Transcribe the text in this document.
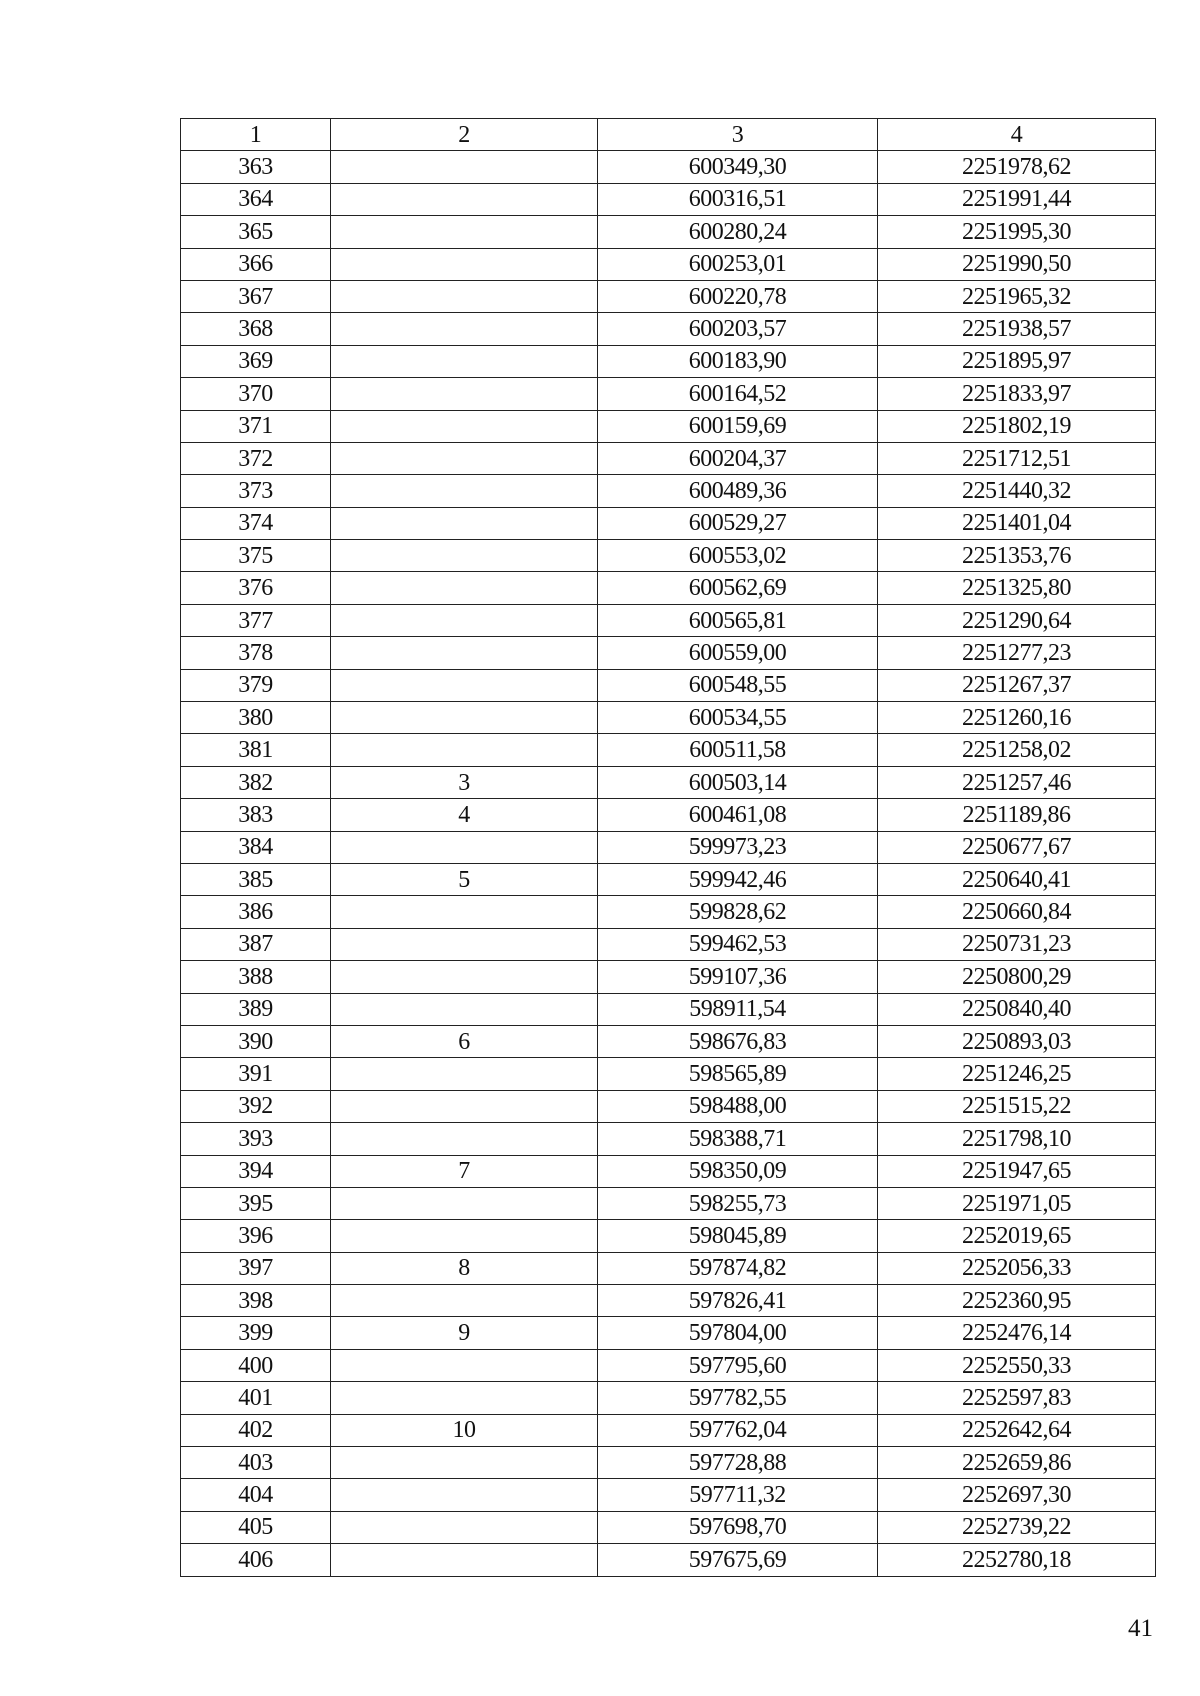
1	2	3	4
363		600349,30	2251978,62
364		600316,51	2251991,44
365		600280,24	2251995,30
366		600253,01	2251990,50
367		600220,78	2251965,32
368		600203,57	2251938,57
369		600183,90	2251895,97
370		600164,52	2251833,97
371		600159,69	2251802,19
372		600204,37	2251712,51
373		600489,36	2251440,32
374		600529,27	2251401,04
375		600553,02	2251353,76
376		600562,69	2251325,80
377		600565,81	2251290,64
378		600559,00	2251277,23
379		600548,55	2251267,37
380		600534,55	2251260,16
381		600511,58	2251258,02
382	3	600503,14	2251257,46
383	4	600461,08	2251189,86
384		599973,23	2250677,67
385	5	599942,46	2250640,41
386		599828,62	2250660,84
387		599462,53	2250731,23
388		599107,36	2250800,29
389		598911,54	2250840,40
390	6	598676,83	2250893,03
391		598565,89	2251246,25
392		598488,00	2251515,22
393		598388,71	2251798,10
394	7	598350,09	2251947,65
395		598255,73	2251971,05
396		598045,89	2252019,65
397	8	597874,82	2252056,33
398		597826,41	2252360,95
399	9	597804,00	2252476,14
400		597795,60	2252550,33
401		597782,55	2252597,83
402	10	597762,04	2252642,64
403		597728,88	2252659,86
404		597711,32	2252697,30
405		597698,70	2252739,22
406		597675,69	2252780,18
41
